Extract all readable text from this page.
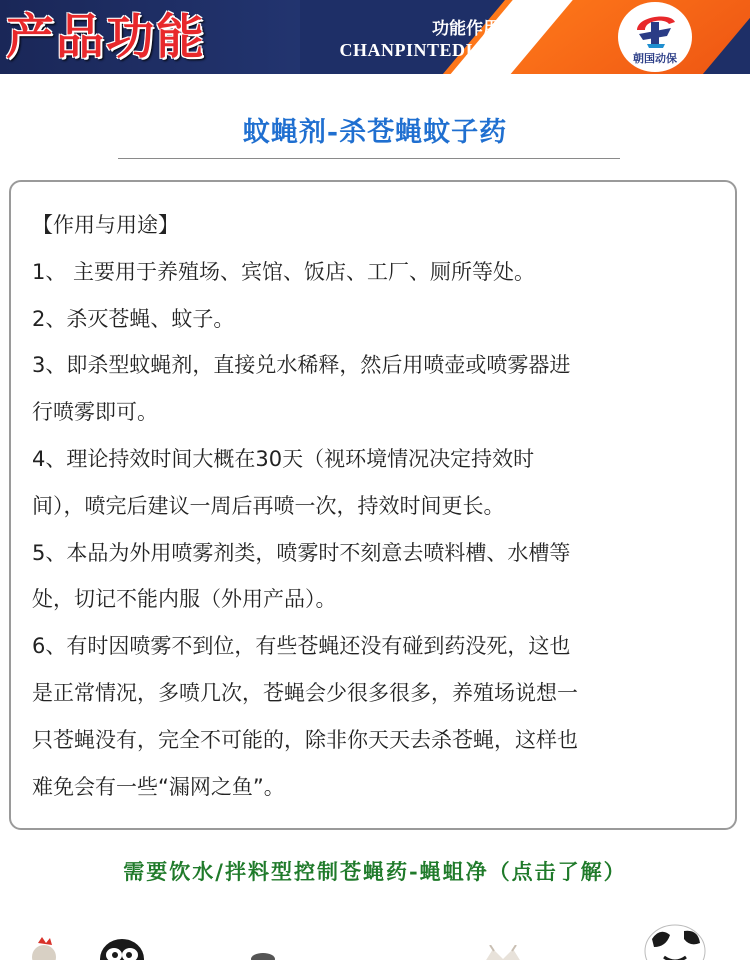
产品功能	功能作用
CHANPINTEDIAN	朝国动保
蚊蝇剂-杀苍蝇蚊子药
【作用与用途】
1、 主要用于养殖场、宾馆、饭店、工厂、厕所等处。
2、杀灭苍蝇、蚊子。
3、即杀型蚊蝇剂，直接兑水稀释，然后用喷壶或喷雾器进
行喷雾即可。
4、理论持效时间大概在30天（视环境情况决定持效时
间），喷完后建议一周后再喷一次，持效时间更长。
5、本品为外用喷雾剂类，喷雾时不刻意去喷料槽、水槽等
处，切记不能内服（外用产品）。
6、有时因喷雾不到位，有些苍蝇还没有碰到药没死，这也
是正常情况，多喷几次，苍蝇会少很多很多，养殖场说想一
只苍蝇没有，完全不可能的，除非你天天去杀苍蝇，这样也
难免会有一些“漏网之鱼”。
需要饮水/拌料型控制苍蝇药-蝇蛆净（点击了解）
